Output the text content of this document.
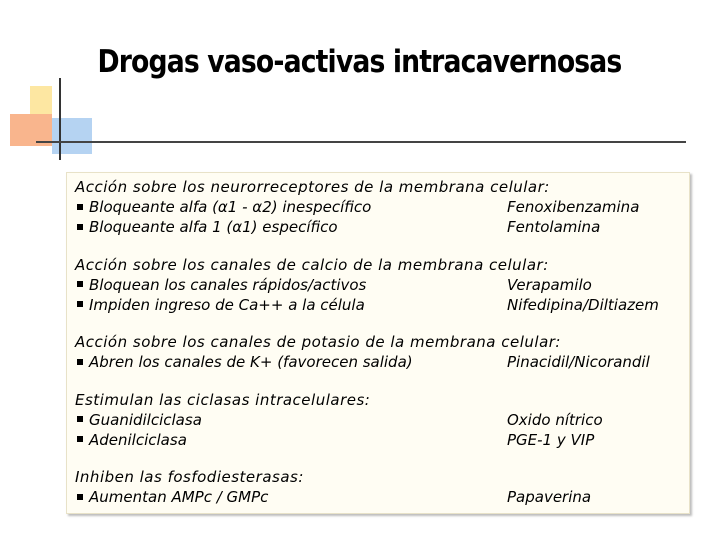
Drogas vaso-activas intracavernosas
Acción sobre los neurorreceptores de la membrana celular:
Bloqueante alfa (α1 - α2) inespecífico	Fenoxibenzamina
Bloqueante alfa 1 (α1) específico	Fentolamina
Acción sobre los canales de calcio de la membrana celular:
Bloquean los canales rápidos/activos	Verapamilo
Impiden ingreso de Ca++ a la célula	Nifedipina/Diltiazem
Acción sobre los canales de potasio de la membrana celular:
Abren los canales de K+ (favorecen salida)	Pinacidil/Nicorandil
Estimulan las ciclasas intracelulares:
Guanidilciclasa	Oxido nítrico
Adenilciclasa	PGE-1 y VIP
Inhiben las fosfodiesterasas:
Aumentan AMPc / GMPc	Papaverina
